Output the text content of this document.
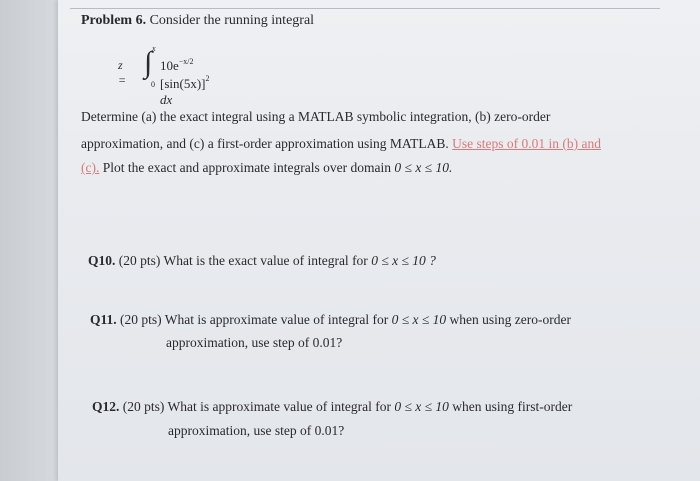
Problem 6. Consider the running integral
z =
∫ x
0
$10e^{-x/2}$ $[\sin(5x)]^2$ dx
Determine (a) the exact integral using a MATLAB symbolic integration, (b) zero-order
approximation, and (c) a first-order approximation using MATLAB. Use steps of 0.01 in (b) and
(c). Plot the exact and approximate integrals over domain 0 ≤ x ≤ 10.
Q10. (20 pts) What is the exact value of integral for 0 ≤ x ≤ 10 ?
Q11. (20 pts) What is approximate value of integral for 0 ≤ x ≤ 10 when using zero-order
approximation, use step of 0.01?
Q12. (20 pts) What is approximate value of integral for 0 ≤ x ≤ 10 when using first-order
approximation, use step of 0.01?
